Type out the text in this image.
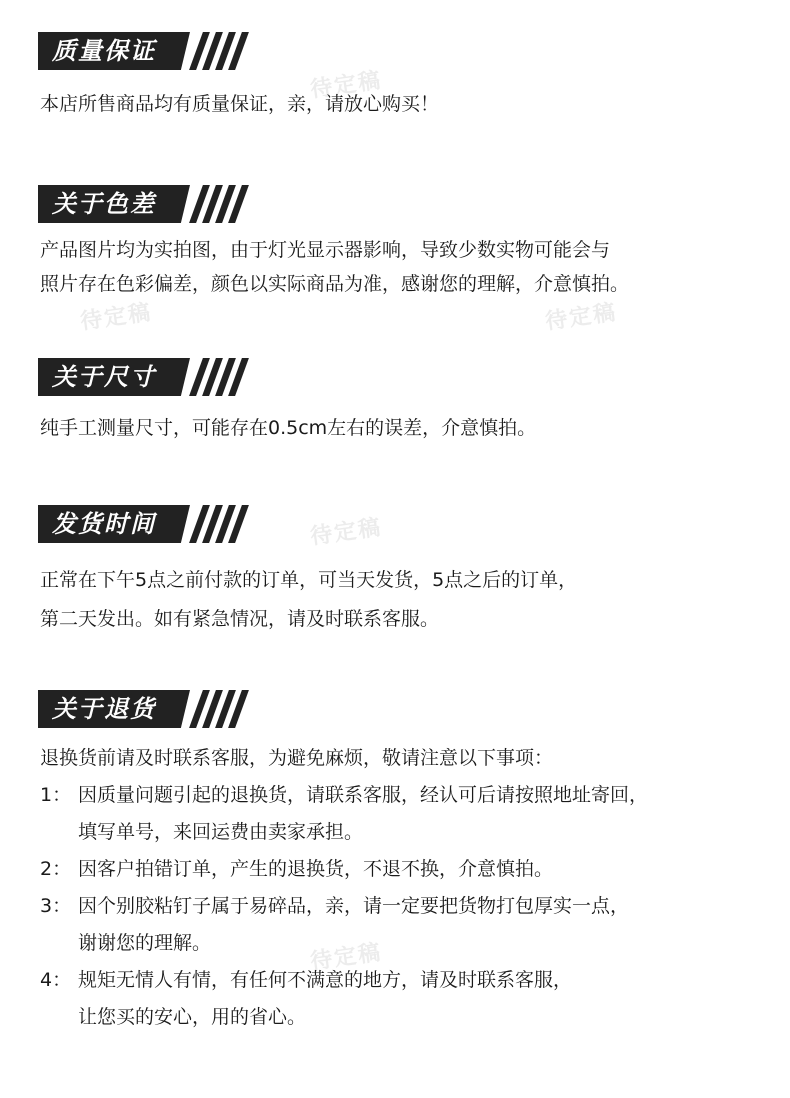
待定稿
待定稿	待定稿
待定稿
待定稿
质量保证
本店所售商品均有质量保证，亲，请放心购买！
关于色差
产品图片均为实拍图，由于灯光显示器影响，导致少数实物可能会与
照片存在色彩偏差，颜色以实际商品为准，感谢您的理解，介意慎拍。
关于尺寸
纯手工测量尺寸，可能存在0.5cm左右的误差，介意慎拍。
发货时间
正常在下午5点之前付款的订单，可当天发货，5点之后的订单，
第二天发出。如有紧急情况，请及时联系客服。
关于退货
退换货前请及时联系客服，为避免麻烦，敬请注意以下事项：
1： 因质量问题引起的退换货，请联系客服，经认可后请按照地址寄回，
填写单号，来回运费由卖家承担。
2： 因客户拍错订单，产生的退换货，不退不换，介意慎拍。
3： 因个别胶粘钉子属于易碎品，亲，请一定要把货物打包厚实一点，
谢谢您的理解。
4： 规矩无情人有情，有任何不满意的地方，请及时联系客服，
让您买的安心，用的省心。
